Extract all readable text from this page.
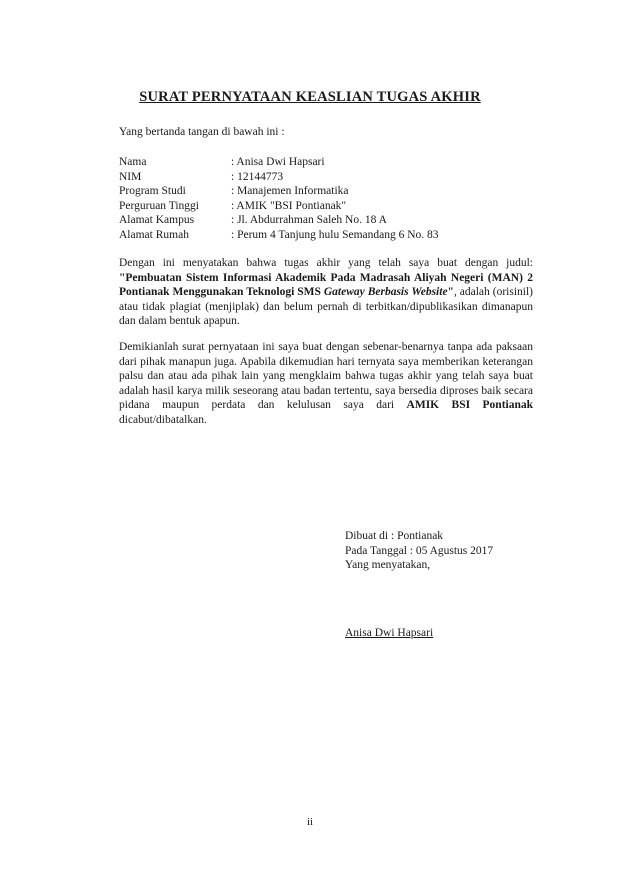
SURAT PERNYATAAN KEASLIAN TUGAS AKHIR
Yang bertanda tangan di bawah ini :
Nama	: Anisa Dwi Hapsari
NIM	: 12144773
Program Studi	: Manajemen Informatika
Perguruan Tinggi	: AMIK "BSI Pontianak"
Alamat Kampus	: Jl. Abdurrahman Saleh No. 18 A
Alamat Rumah	: Perum 4 Tanjung hulu Semandang 6 No. 83
Dengan ini menyatakan bahwa tugas akhir yang telah saya buat dengan judul: "Pembuatan Sistem Informasi Akademik Pada Madrasah Aliyah Negeri (MAN) 2 Pontianak Menggunakan Teknologi SMS Gateway Berbasis Website", adalah (orisinil) atau tidak plagiat (menjiplak) dan belum pernah di terbitkan/dipublikasikan dimanapun dan dalam bentuk apapun.
Demikianlah surat pernyataan ini saya buat dengan sebenar-benarnya tanpa ada paksaan dari pihak manapun juga. Apabila dikemudian hari ternyata saya memberikan keterangan palsu dan atau ada pihak lain yang mengklaim bahwa tugas akhir yang telah saya buat adalah hasil karya milik seseorang atau badan tertentu, saya bersedia diproses baik secara pidana maupun perdata dan kelulusan saya dari AMIK BSI Pontianak dicabut/dibatalkan.
Dibuat di : Pontianak
Pada Tanggal : 05 Agustus 2017
Yang menyatakan,
Anisa Dwi Hapsari
ii
